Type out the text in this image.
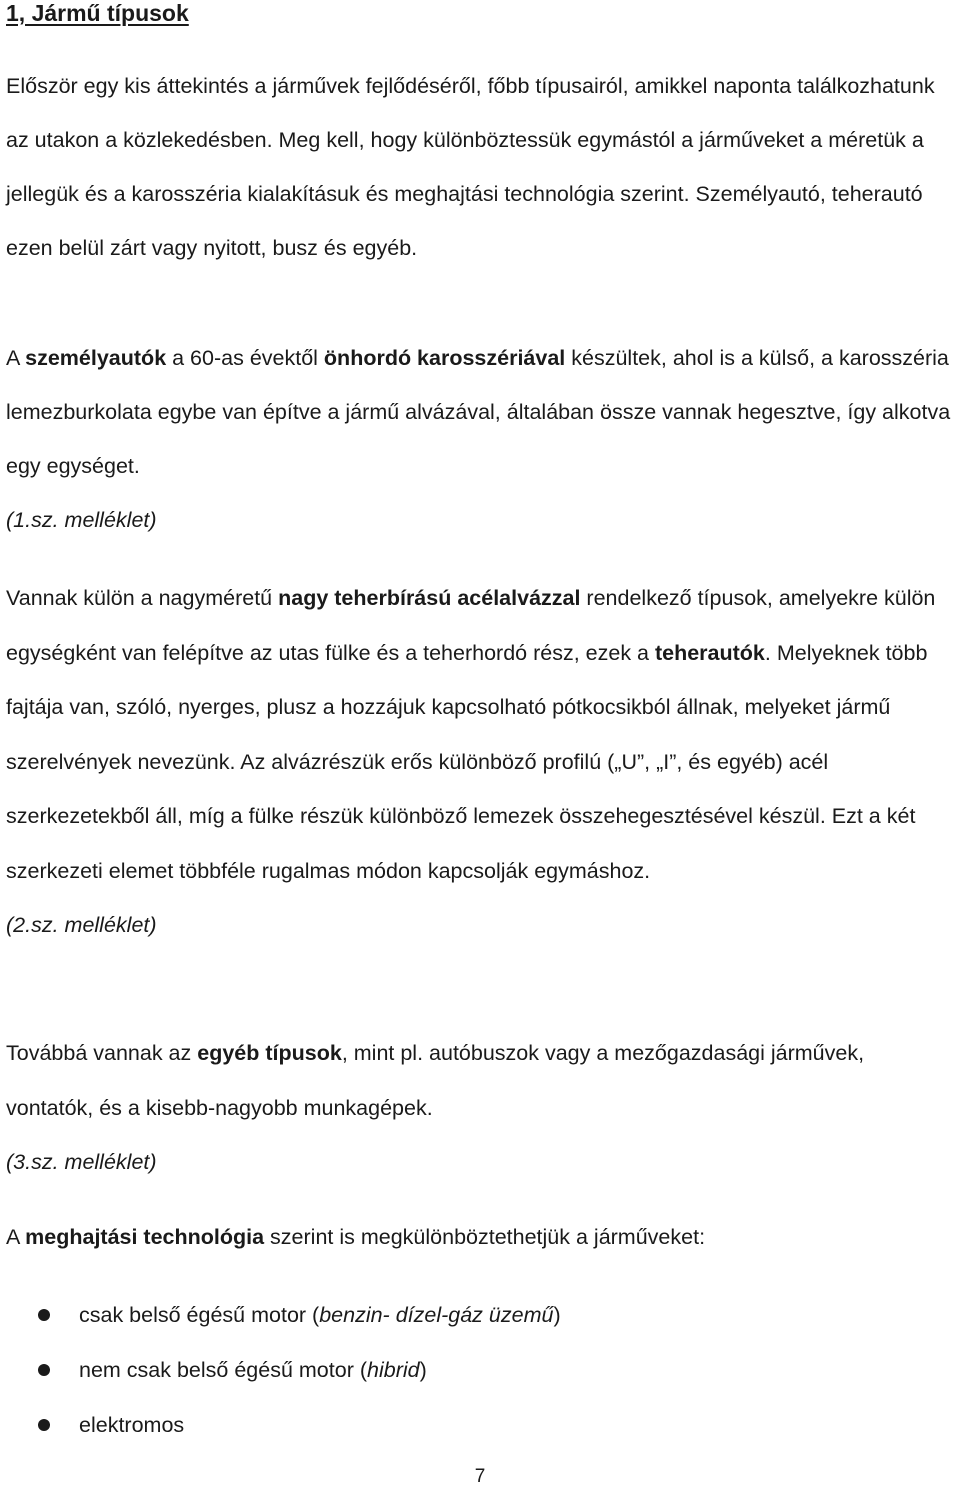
1, Jármű típusok

Először egy kis áttekintés a járművek fejlődéséről, főbb típusairól, amikkel naponta találkozhatunk az utakon a közlekedésben. Meg kell, hogy különböztessük egymástól a járműveket a méretük a jellegük és a karosszéria kialakításuk és meghajtási technológia szerint. Személyautó, teherautó ezen belül zárt vagy nyitott, busz és egyéb.

A személyautók a 60-as évektől önhordó karosszériával készültek, ahol is a külső, a karosszéria lemezburkolata egybe van építve a jármű alvázával, általában össze vannak hegesztve, így alkotva egy egységet.
(1.sz. melléklet)

Vannak külön a nagyméretű nagy teherbírású acélalvázzal rendelkező típusok, amelyekre külön egységként van felépítve az utas fülke és a teherhordó rész, ezek a teherautók. Melyeknek több fajtája van, szóló, nyerges, plusz a hozzájuk kapcsolható pótkocsikból állnak, melyeket jármű szerelvények nevezünk. Az alvázrészük erős különböző profilú („U”, „I”, és egyéb) acél szerkezetekből áll, míg a fülke részük különböző lemezek összehegesztésével készül. Ezt a két szerkezeti elemet többféle rugalmas módon kapcsolják egymáshoz.
(2.sz. melléklet)

Továbbá vannak az egyéb típusok, mint pl. autóbuszok vagy a mezőgazdasági járművek, vontatók, és a kisebb-nagyobb munkagépek.
(3.sz. melléklet)

A meghajtási technológia szerint is megkülönböztethetjük a járműveket:

csak belső égésű motor (benzin- dízel-gáz üzemű)
nem csak belső égésű motor (hibrid)
elektromos
7
